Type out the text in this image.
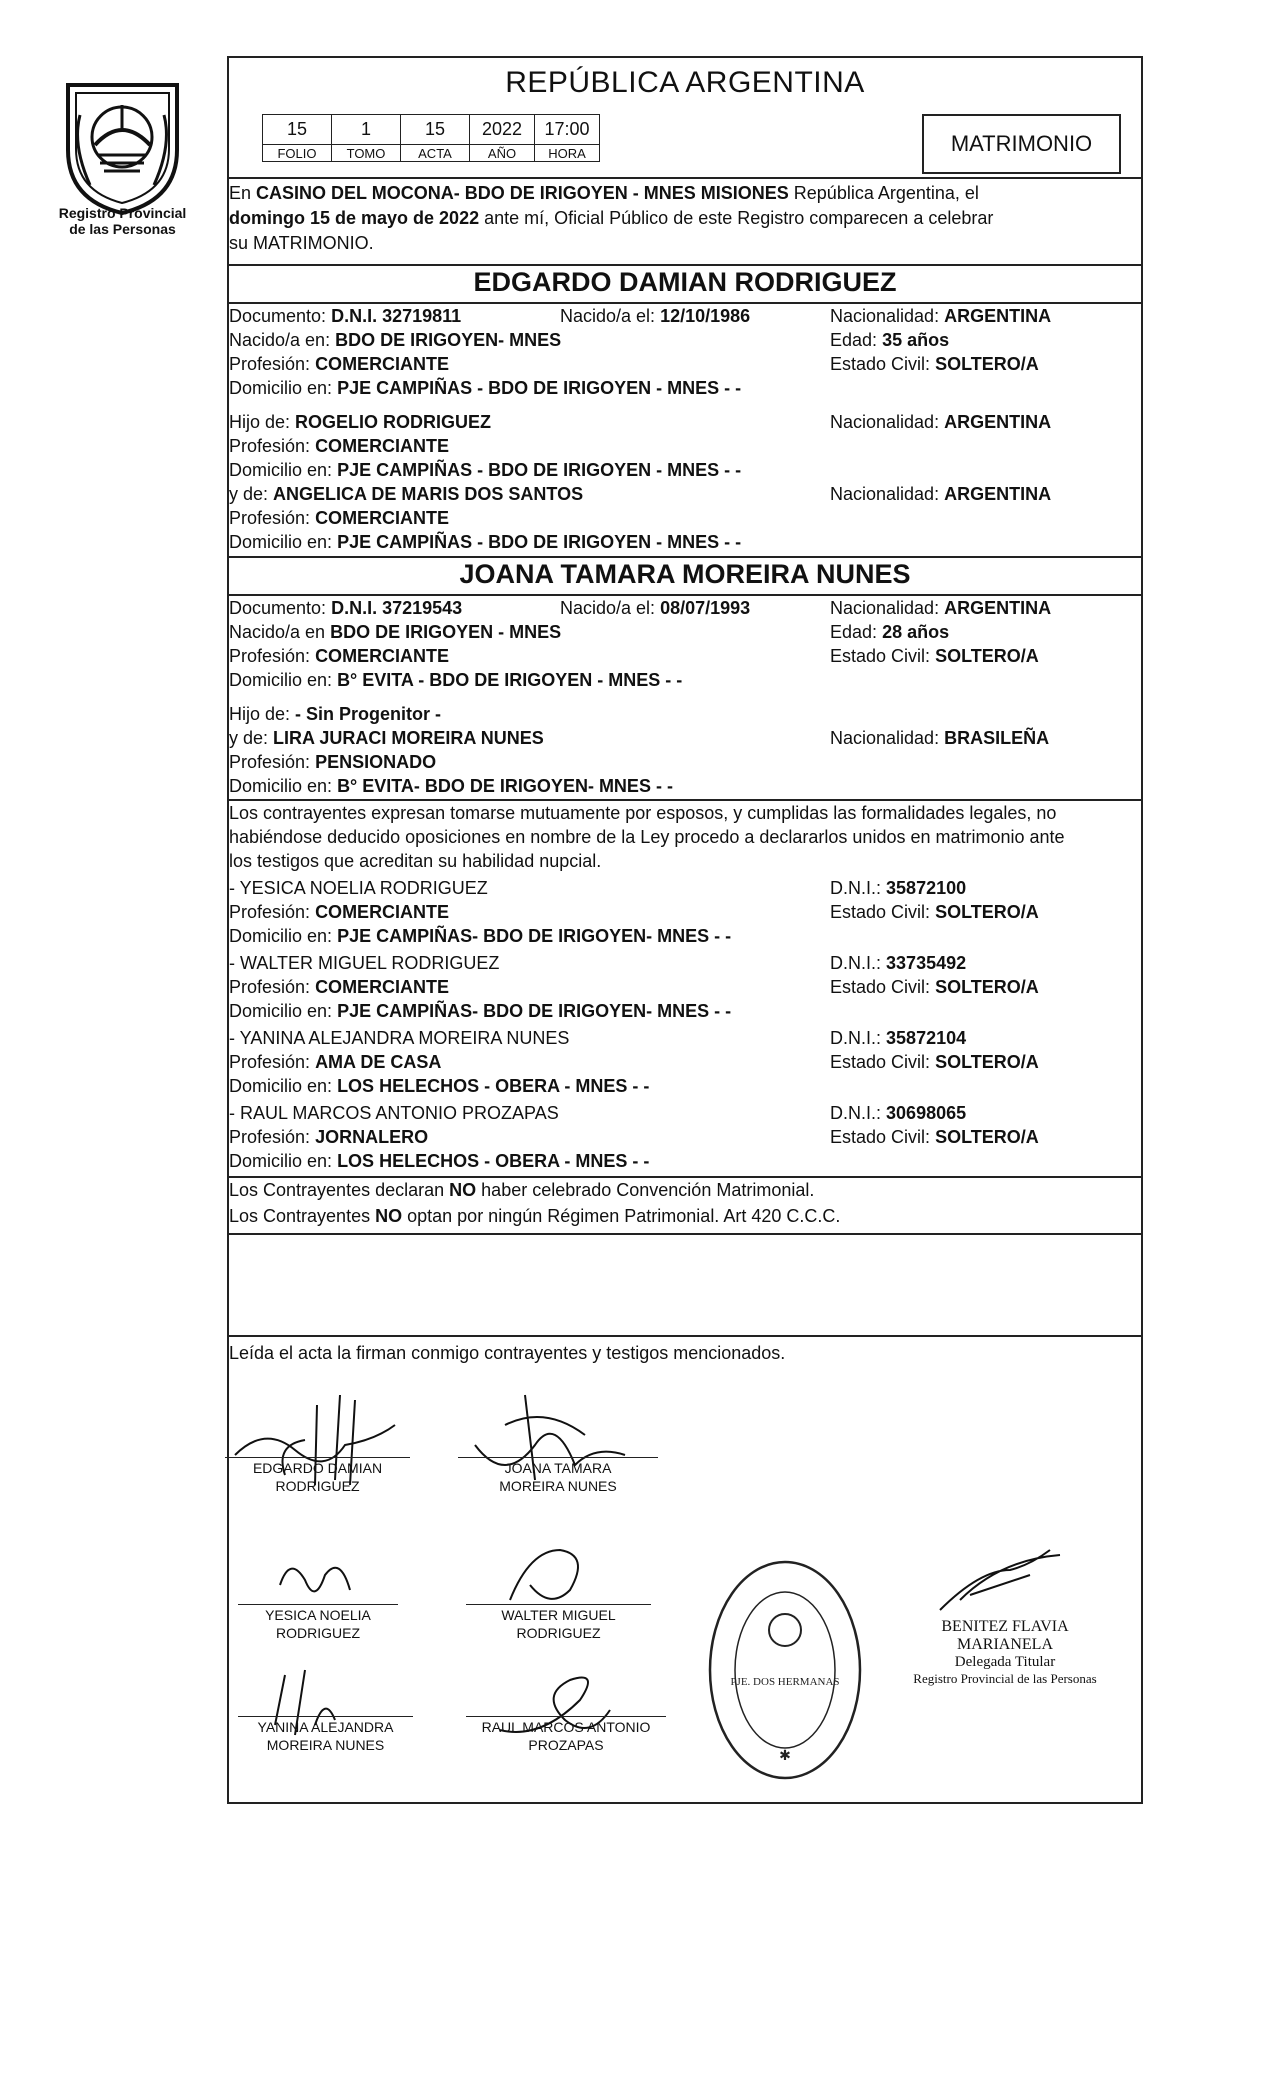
Registro Provincial
de las Personas
REPÚBLICA ARGENTINA
15	1	15	2022	17:00
FOLIO	TOMO	ACTA	AÑO	HORA	MATRIMONIO
En CASINO DEL MOCONA- BDO DE IRIGOYEN - MNES MISIONES República Argentina, el
domingo 15 de mayo de 2022 ante mí, Oficial Público de este Registro comparecen a celebrar
su MATRIMONIO.
EDGARDO DAMIAN RODRIGUEZ
Documento: D.N.I. 32719811	Nacido/a el: 12/10/1986	Nacionalidad: ARGENTINA
Nacido/a en: BDO DE IRIGOYEN- MNES	Edad: 35 años
Profesión: COMERCIANTE	Estado Civil: SOLTERO/A
Domicilio en: PJE CAMPIÑAS - BDO DE IRIGOYEN - MNES - -
Hijo de: ROGELIO RODRIGUEZ	Nacionalidad: ARGENTINA
Profesión: COMERCIANTE
Domicilio en: PJE CAMPIÑAS - BDO DE IRIGOYEN - MNES - -
y de: ANGELICA DE MARIS DOS SANTOS	Nacionalidad: ARGENTINA
Profesión: COMERCIANTE
Domicilio en: PJE CAMPIÑAS - BDO DE IRIGOYEN - MNES - -
JOANA TAMARA MOREIRA NUNES
Documento: D.N.I. 37219543	Nacido/a el: 08/07/1993	Nacionalidad: ARGENTINA
Nacido/a en BDO DE IRIGOYEN - MNES	Edad: 28 años
Profesión: COMERCIANTE	Estado Civil: SOLTERO/A
Domicilio en: B° EVITA - BDO DE IRIGOYEN - MNES - -
Hijo de: - Sin Progenitor -
y de: LIRA JURACI MOREIRA NUNES	Nacionalidad: BRASILEÑA
Profesión: PENSIONADO
Domicilio en: B° EVITA- BDO DE IRIGOYEN- MNES - -
Los contrayentes expresan tomarse mutuamente por esposos, y cumplidas las formalidades legales, no
habiéndose deducido oposiciones en nombre de la Ley procedo a declararlos unidos en matrimonio ante
los testigos que acreditan su habilidad nupcial.
- YESICA NOELIA RODRIGUEZ	D.N.I.: 35872100
Profesión: COMERCIANTE	Estado Civil: SOLTERO/A
Domicilio en: PJE CAMPIÑAS- BDO DE IRIGOYEN- MNES - -
- WALTER MIGUEL RODRIGUEZ	D.N.I.: 33735492
Profesión: COMERCIANTE	Estado Civil: SOLTERO/A
Domicilio en: PJE CAMPIÑAS- BDO DE IRIGOYEN- MNES - -
- YANINA ALEJANDRA MOREIRA NUNES	D.N.I.: 35872104
Profesión: AMA DE CASA	Estado Civil: SOLTERO/A
Domicilio en: LOS HELECHOS - OBERA - MNES - -
- RAUL MARCOS ANTONIO PROZAPAS	D.N.I.: 30698065
Profesión: JORNALERO	Estado Civil: SOLTERO/A
Domicilio en: LOS HELECHOS - OBERA - MNES - -
Los Contrayentes declaran NO haber celebrado Convención Matrimonial.
Los Contrayentes NO optan por ningún Régimen Patrimonial. Art 420 C.C.C.
Leída el acta la firman conmigo contrayentes y testigos mencionados.
EDGARDO DAMIAN
RODRIGUEZ
JOANA TAMARA
MOREIRA NUNES
YESICA NOELIA
RODRIGUEZ
WALTER MIGUEL
RODRIGUEZ
YANINA ALEJANDRA
MOREIRA NUNES
RAUL MARCOS ANTONIO
PROZAPAS
PJE. DOS HERMANAS
✱
BENITEZ FLAVIA MARIANELA
Delegada Titular
Registro Provincial de las Personas
